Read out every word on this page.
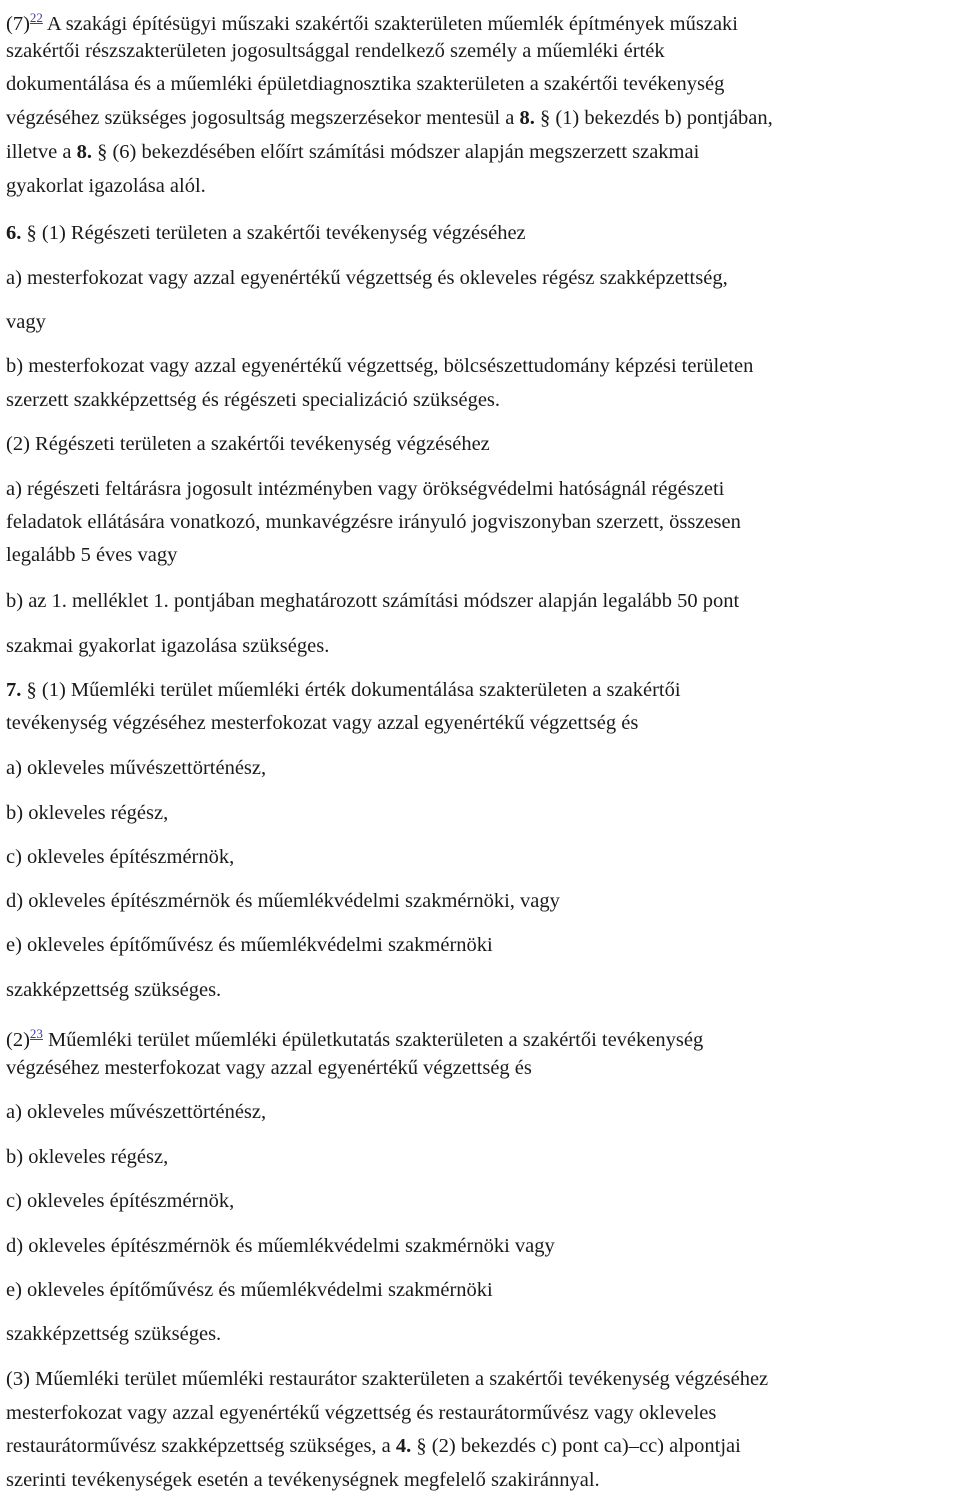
(7)$^{22}$ A szakági építésügyi műszaki szakértői szakterületen műemlék építmények műszaki
szakértői részszakterületen jogosultsággal rendelkező személy a műemléki érték
dokumentálása és a műemléki épületdiagnosztika szakterületen a szakértői tevékenység
végzéséhez szükséges jogosultság megszerzésekor mentesül a 8. § (1) bekezdés b) pontjában,
illetve a 8. § (6) bekezdésében előírt számítási módszer alapján megszerzett szakmai
gyakorlat igazolása alól.
6. § (1) Régészeti területen a szakértői tevékenység végzéséhez
a) mesterfokozat vagy azzal egyenértékű végzettség és okleveles régész szakképzettség,
vagy
b) mesterfokozat vagy azzal egyenértékű végzettség, bölcsészettudomány képzési területen
szerzett szakképzettség és régészeti specializáció szükséges.
(2) Régészeti területen a szakértői tevékenység végzéséhez
a) régészeti feltárásra jogosult intézményben vagy örökségvédelmi hatóságnál régészeti
feladatok ellátására vonatkozó, munkavégzésre irányuló jogviszonyban szerzett, összesen
legalább 5 éves vagy
b) az 1. melléklet 1. pontjában meghatározott számítási módszer alapján legalább 50 pont
szakmai gyakorlat igazolása szükséges.
7. § (1) Műemléki terület műemléki érték dokumentálása szakterületen a szakértői
tevékenység végzéséhez mesterfokozat vagy azzal egyenértékű végzettség és
a) okleveles művészettörténész,
b) okleveles régész,
c) okleveles építészmérnök,
d) okleveles építészmérnök és műemlékvédelmi szakmérnöki, vagy
e) okleveles építőművész és műemlékvédelmi szakmérnöki
szakképzettség szükséges.
(2)$^{23}$ Műemléki terület műemléki épületkutatás szakterületen a szakértői tevékenység
végzéséhez mesterfokozat vagy azzal egyenértékű végzettség és
a) okleveles művészettörténész,
b) okleveles régész,
c) okleveles építészmérnök,
d) okleveles építészmérnök és műemlékvédelmi szakmérnöki vagy
e) okleveles építőművész és műemlékvédelmi szakmérnöki
szakképzettség szükséges.
(3) Műemléki terület műemléki restaurátor szakterületen a szakértői tevékenység végzéséhez
mesterfokozat vagy azzal egyenértékű végzettség és restaurátorművész vagy okleveles
restaurátorművész szakképzettség szükséges, a 4. § (2) bekezdés c) pont ca)–cc) alpontjai
szerinti tevékenységek esetén a tevékenységnek megfelelő szakiránnyal.
